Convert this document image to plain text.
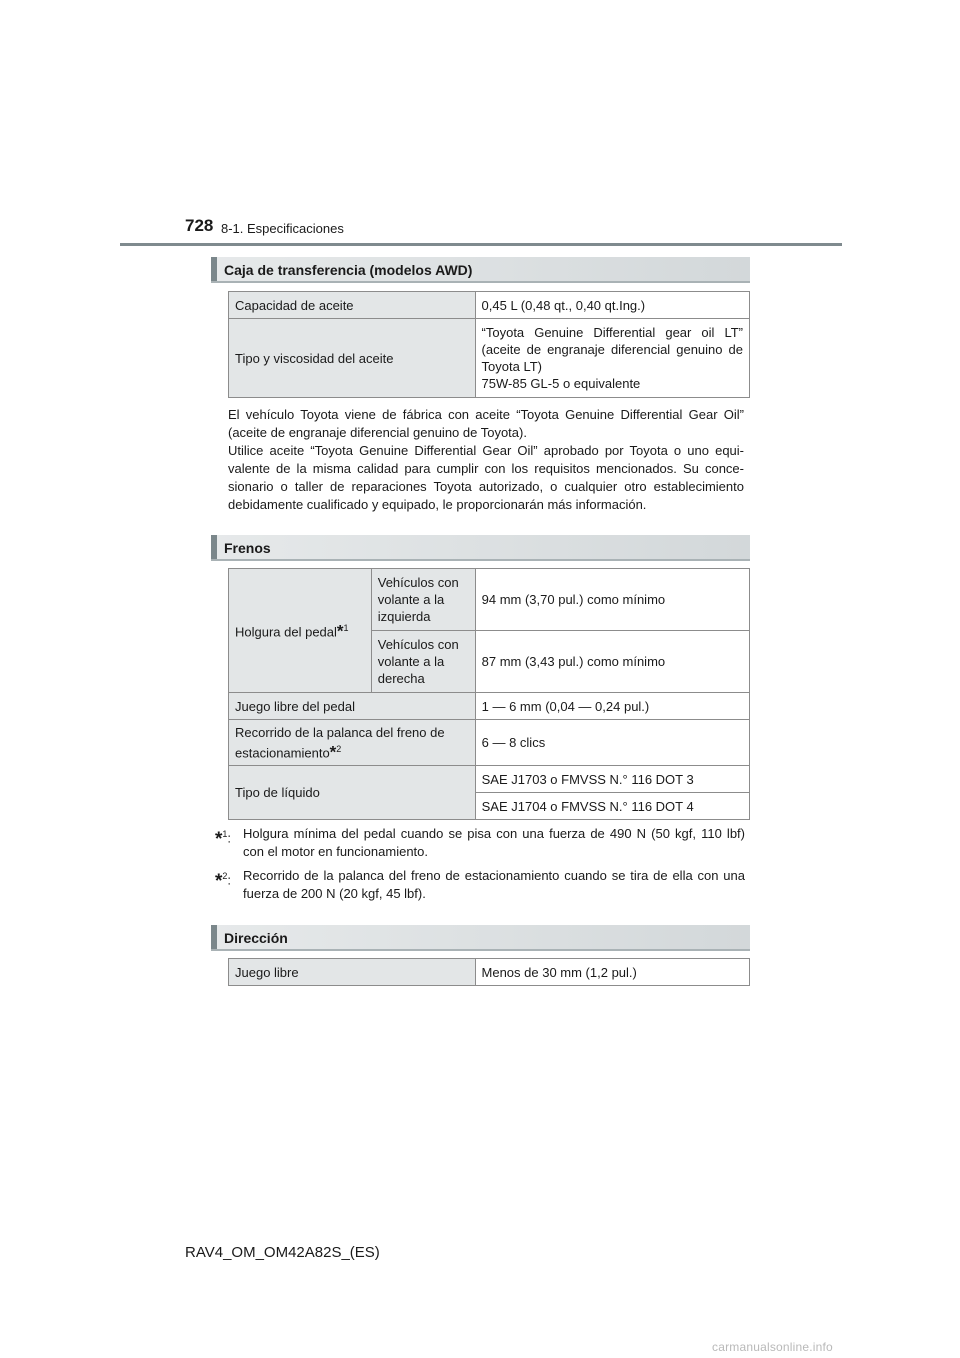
728 8-1. Especificaciones
Caja de transferencia (modelos AWD)
Capacidad de aceite	0,45 L (0,48 qt., 0,40 qt.Ing.)
Tipo y viscosidad del aceite	“Toyota Genuine Differential gear oil LT” (aceite de engranaje diferencial genuino de Toyota LT)
75W-85 GL-5 o equivalente

El vehículo Toyota viene de fábrica con aceite “Toyota Genuine Differential Gear Oil” (aceite de engranaje diferencial genuino de Toyota).

Utilice aceite “Toyota Genuine Differential Gear Oil” aprobado por Toyota o uno equi-valente de la misma calidad para cumplir con los requisitos mencionados. Su conce-sionario o taller de reparaciones Toyota autorizado, o cualquier otro establecimiento debidamente cualificado y equipado, le proporcionarán más información.

Frenos
Holgura del pedal*$^1$	Vehículos con volante a la izquierda	94 mm (3,70 pul.) como mínimo
	Vehículos con volante a la derecha	87 mm (3,43 pul.) como mínimo
Juego libre del pedal		1 — 6 mm (0,04 — 0,24 pul.)
Recorrido de la palanca del freno de estacionamiento*$^2$		6 — 8 clics
Tipo de líquido		SAE J1703 o FMVSS N.° 116 DOT 3
		SAE J1704 o FMVSS N.° 116 DOT 4
*$^1$: Holgura mínima del pedal cuando se pisa con una fuerza de 490 N (50 kgf, 110 lbf) con el motor en funcionamiento.
*$^2$: Recorrido de la palanca del freno de estacionamiento cuando se tira de ella con una fuerza de 200 N (20 kgf, 45 lbf).
Dirección
Juego libre	Menos de 30 mm (1,2 pul.)
RAV4_OM_OM42A82S_(ES)
carmanualsonline.info
